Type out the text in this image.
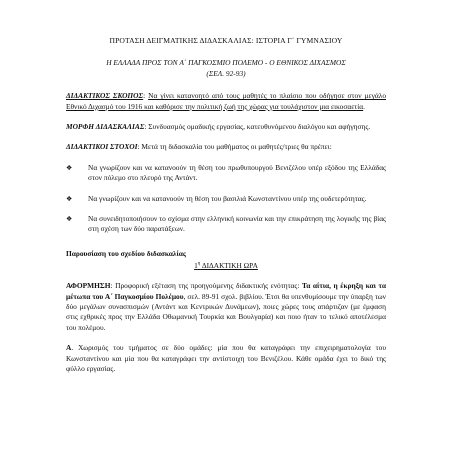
ΠΡΟΤΑΣΗ ΔΕΙΓΜΑΤΙΚΗΣ ΔΙΔΑΣΚΑΛΙΑΣ: ΙΣΤΟΡΙΑ Γ΄ ΓΥΜΝΑΣΙΟΥ

Η ΕΛΛΑΔΑ ΠΡΟΣ ΤΟΝ Α΄ ΠΑΓΚΟΣΜΙΟ ΠΟΛΕΜΟ - Ο ΕΘΝΙΚΟΣ ΔΙΧΑΣΜΟΣ

(ΣΕΛ. 92-93)

ΔΙΔΑΚΤΙΚΟΣ ΣΚΟΠΟΣ: Να γίνει κατανοητό από τους μαθητές το πλαίσιο που οδήγησε στον μεγάλο Εθνικό Διχασμό του 1916 και καθόρισε την πολιτική ζωή της χώρας για τουλάχιστον μια εικοσαετία.

ΜΟΡΦΗ ΔΙΔΑΣΚΑΛΙΑΣ: Συνδυασμός ομαδικής εργασίας, κατευθυνόμενου διαλόγου και αφήγησης.

ΔΙΔΑΚΤΙΚΟΙ ΣΤΟΧΟΙ: Μετά τη διδασκαλία του μαθήματος οι μαθητές/τριες θα πρέπει:

❖	Να γνωρίζουν και να κατανοούν τη θέση του πρωθυπουργού Βενιζέλου υπέρ εξόδου της Ελλάδας στον πόλεμο στο πλευρό της Αντάντ.
❖	Να γνωρίζουν και να κατανοούν τη θέση του βασιλιά Κωνσταντίνου υπέρ της ουδετερότητας.
❖	Να συνειδητοποιήσουν το σχίσμα στην ελληνική κοινωνία και την επικράτηση της λογικής της βίας στη σχέση των δύο παρατάξεων.

Παρουσίαση του σχεδίου διδασκαλίας

$1^\eta$ ΔΙΔΑΚΤΙΚΗ ΩΡΑ

ΑΦΟΡΜΗΣΗ: Προφορική εξέταση της προηγούμενης διδακτικής ενότητας: Τα αίτια, η έκρηξη και τα μέτωπα του Α΄ Παγκοσμίου Πολέμου, σελ. 89-91 σχολ. βιβλίου. Έτσι θα υπενθυμίσουμε την ύπαρξη των δύο μεγάλων συνασπισμών (Αντάντ και Κεντρικών Δυνάμεων), ποιες χώρες τους απάρτιζαν (με έμφαση στις εχθρικές προς την Ελλάδα Οθωμανική Τουρκία και Βουλγαρία) και ποιο ήταν το τελικό αποτέλεσμα του πολέμου.

Α. Χωρισμός του τμήματος σε δύο ομάδες: μία που θα καταγράφει την επιχειρηματολογία του Κωνσταντίνου και μία που θα καταγράφει την αντίστοιχη του Βενιζέλου. Κάθε ομάδα έχει το δικό της φύλλο εργασίας.
